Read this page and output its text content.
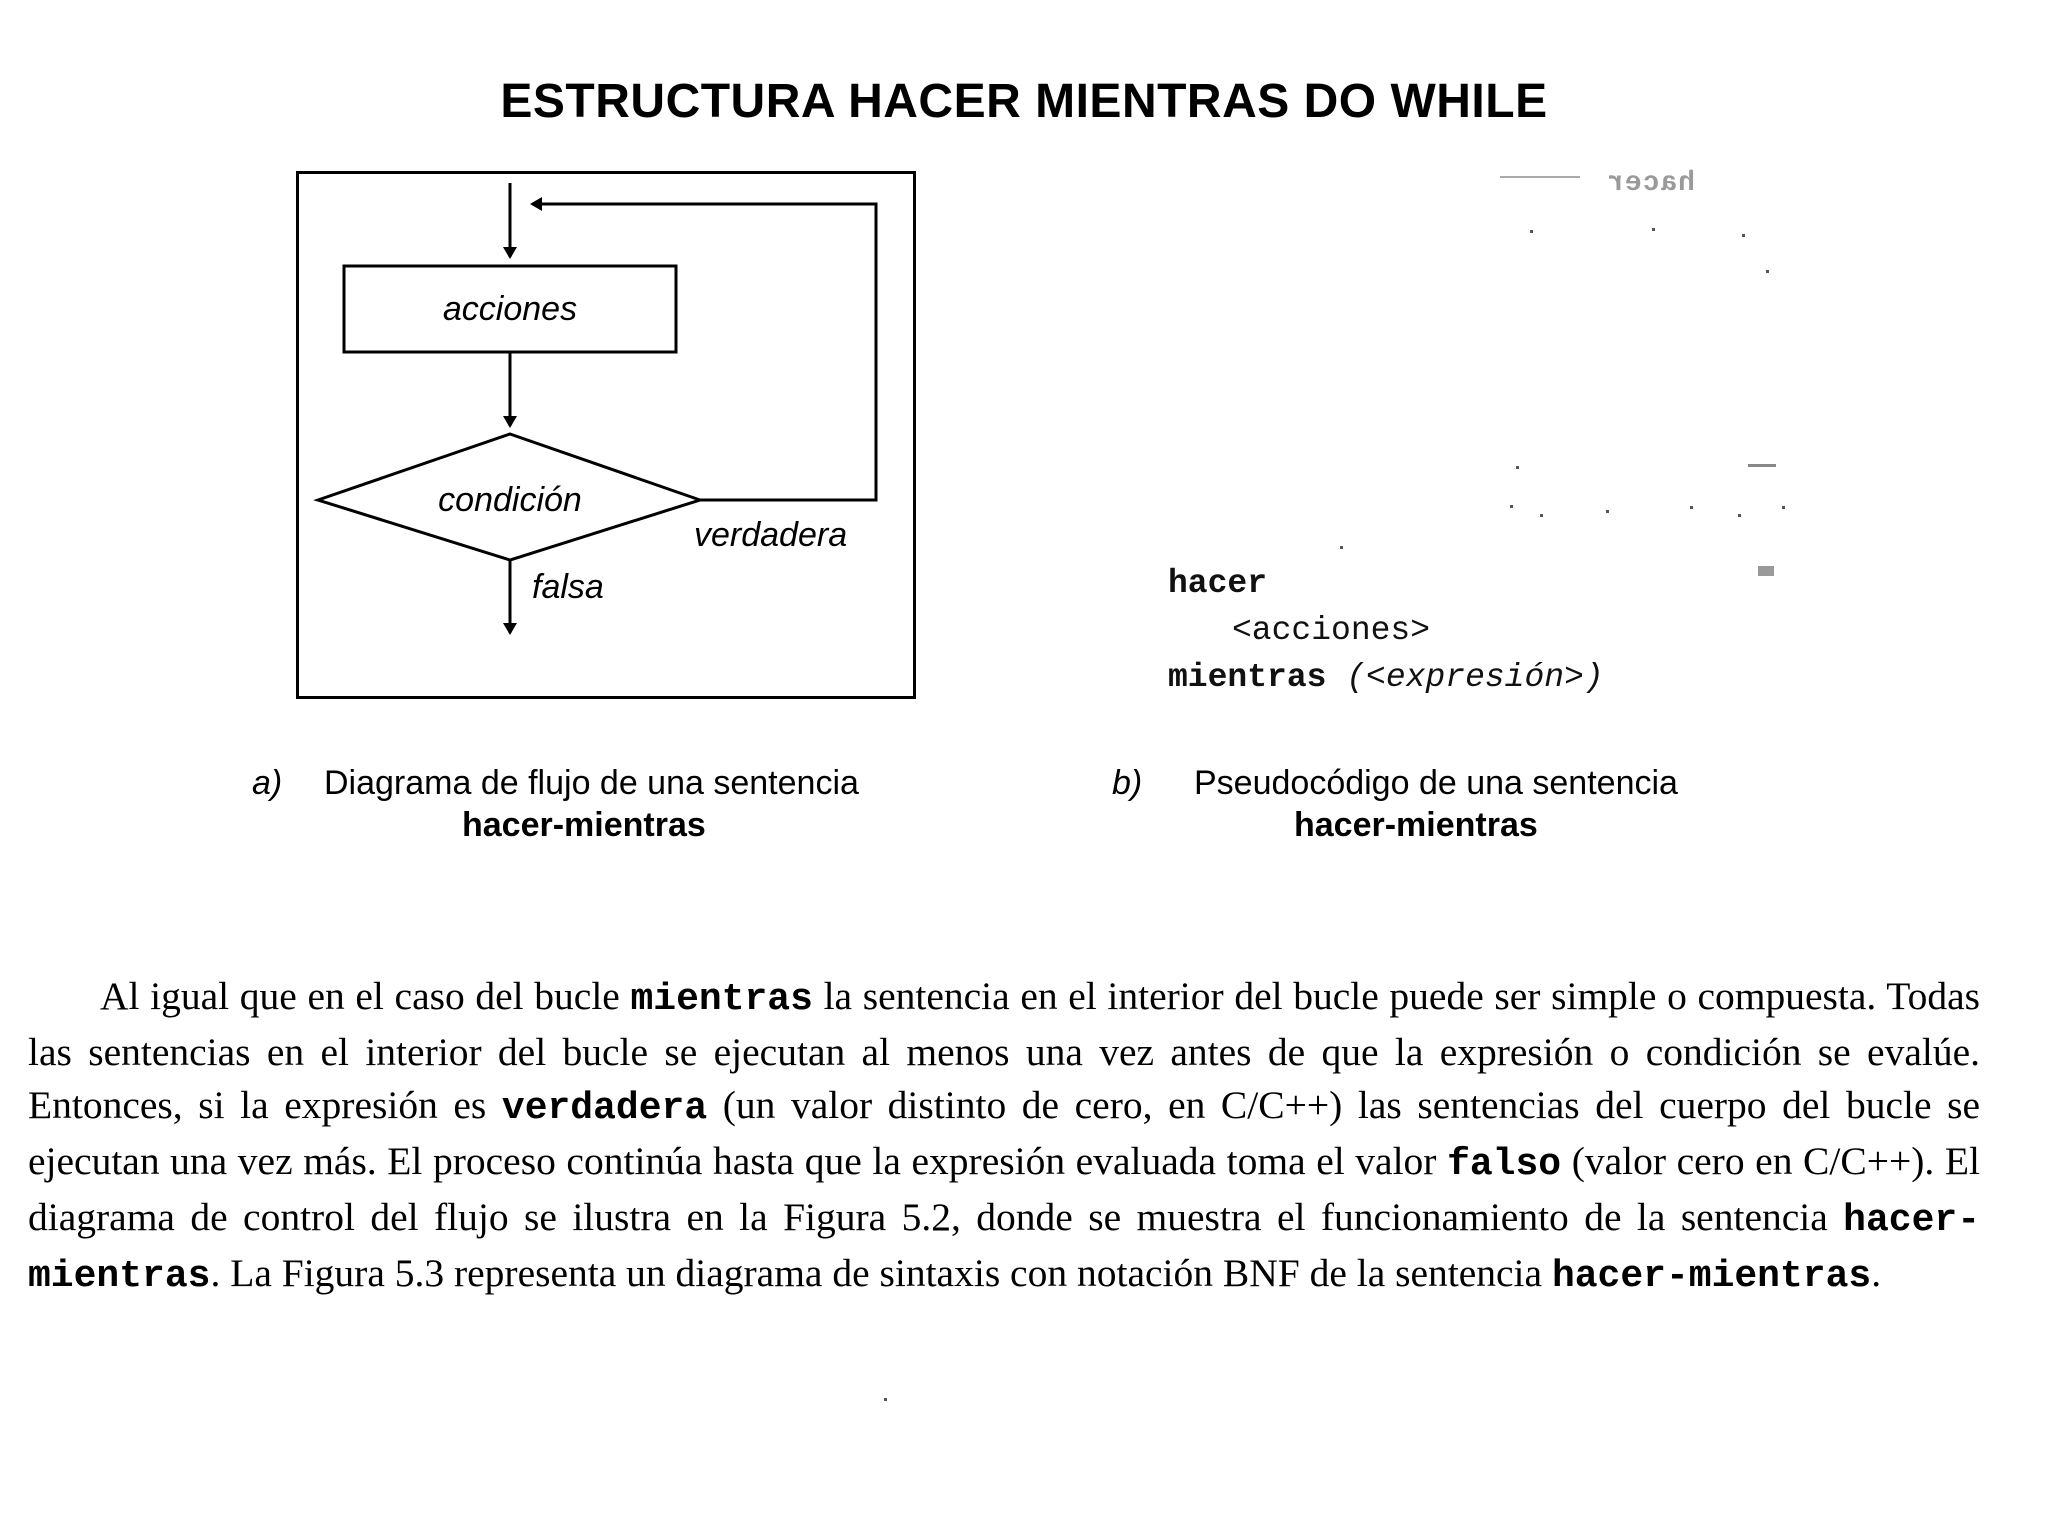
ESTRUCTURA HACER MIENTRAS DO WHILE
acciones
condición
verdadera
falsa
hacer
hacer
<acciones>
mientras (<expresión>)
a) Diagrama de flujo de una sentencia
hacer-mientras
b) Pseudocódigo de una sentencia
hacer-mientras
Al igual que en el caso del bucle mientras la sentencia en el interior del bucle puede ser simple o compuesta. Todas las sentencias en el interior del bucle se ejecutan al menos una vez antes de que la expresión o condición se evalúe. Entonces, si la expresión es verdadera (un valor distinto de cero, en C/C++) las sentencias del cuerpo del bucle se ejecutan una vez más. El proceso continúa hasta que la expresión evaluada toma el valor falso (valor cero en C/C++). El diagrama de control del flujo se ilustra en la Figura 5.2, donde se muestra el funcionamiento de la sentencia hacer-mientras. La Figura 5.3 representa un diagrama de sintaxis con notación BNF de la sentencia hacer-mientras.
